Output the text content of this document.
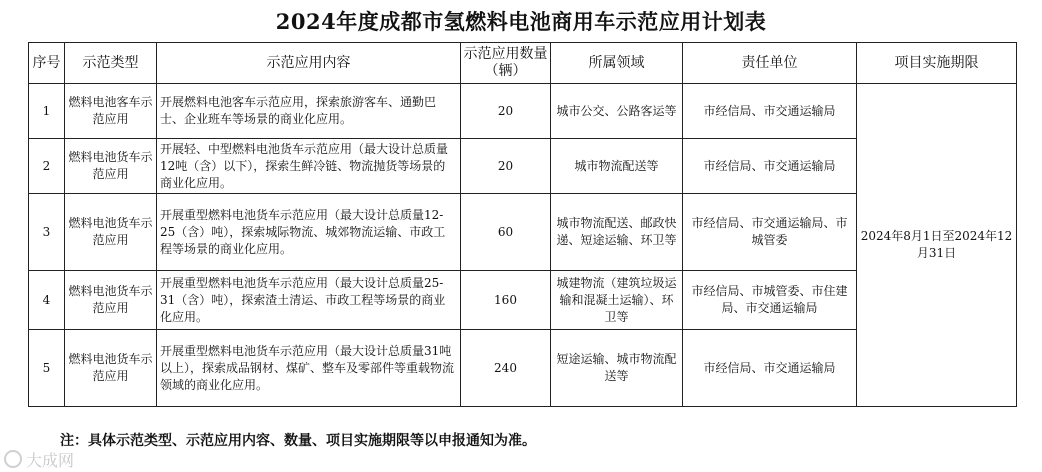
2024年度成都市氢燃料电池商用车示范应用计划表
序号	示范类型	示范应用内容	示范应用数量（辆）	所属领域	责任单位	项目实施期限
1	燃料电池客车示范应用	开展燃料电池客车示范应用，探索旅游客车、通勤巴士、企业班车等场景的商业化应用。	20	城市公交、公路客运等	市经信局、市交通运输局	2024年8月1日至2024年12月31日
2	燃料电池货车示范应用	开展轻、中型燃料电池货车示范应用（最大设计总质量12吨（含）以下），探索生鲜冷链、物流抛货等场景的商业化应用。	20	城市物流配送等	市经信局、市交通运输局	
3	燃料电池货车示范应用	开展重型燃料电池货车示范应用（最大设计总质量12-25（含）吨），探索城际物流、城郊物流运输、市政工程等场景的商业化应用。	60	城市物流配送、邮政快递、短途运输、环卫等	市经信局、市交通运输局、市城管委	
4	燃料电池货车示范应用	开展重型燃料电池货车示范应用（最大设计总质量25-31（含）吨），探索渣土清运、市政工程等场景的商业化应用。	160	城建物流（建筑垃圾运输和混凝土运输）、环卫等	市经信局、市城管委、市住建局、市交通运输局	
5	燃料电池货车示范应用	开展重型燃料电池货车示范应用（最大设计总质量31吨以上），探索成品钢材、煤矿、整车及零部件等重载物流领域的商业化应用。	240	短途运输、城市物流配送等	市经信局、市交通运输局	
注：具体示范类型、示范应用内容、数量、项目实施期限等以申报通知为准。
大成网
